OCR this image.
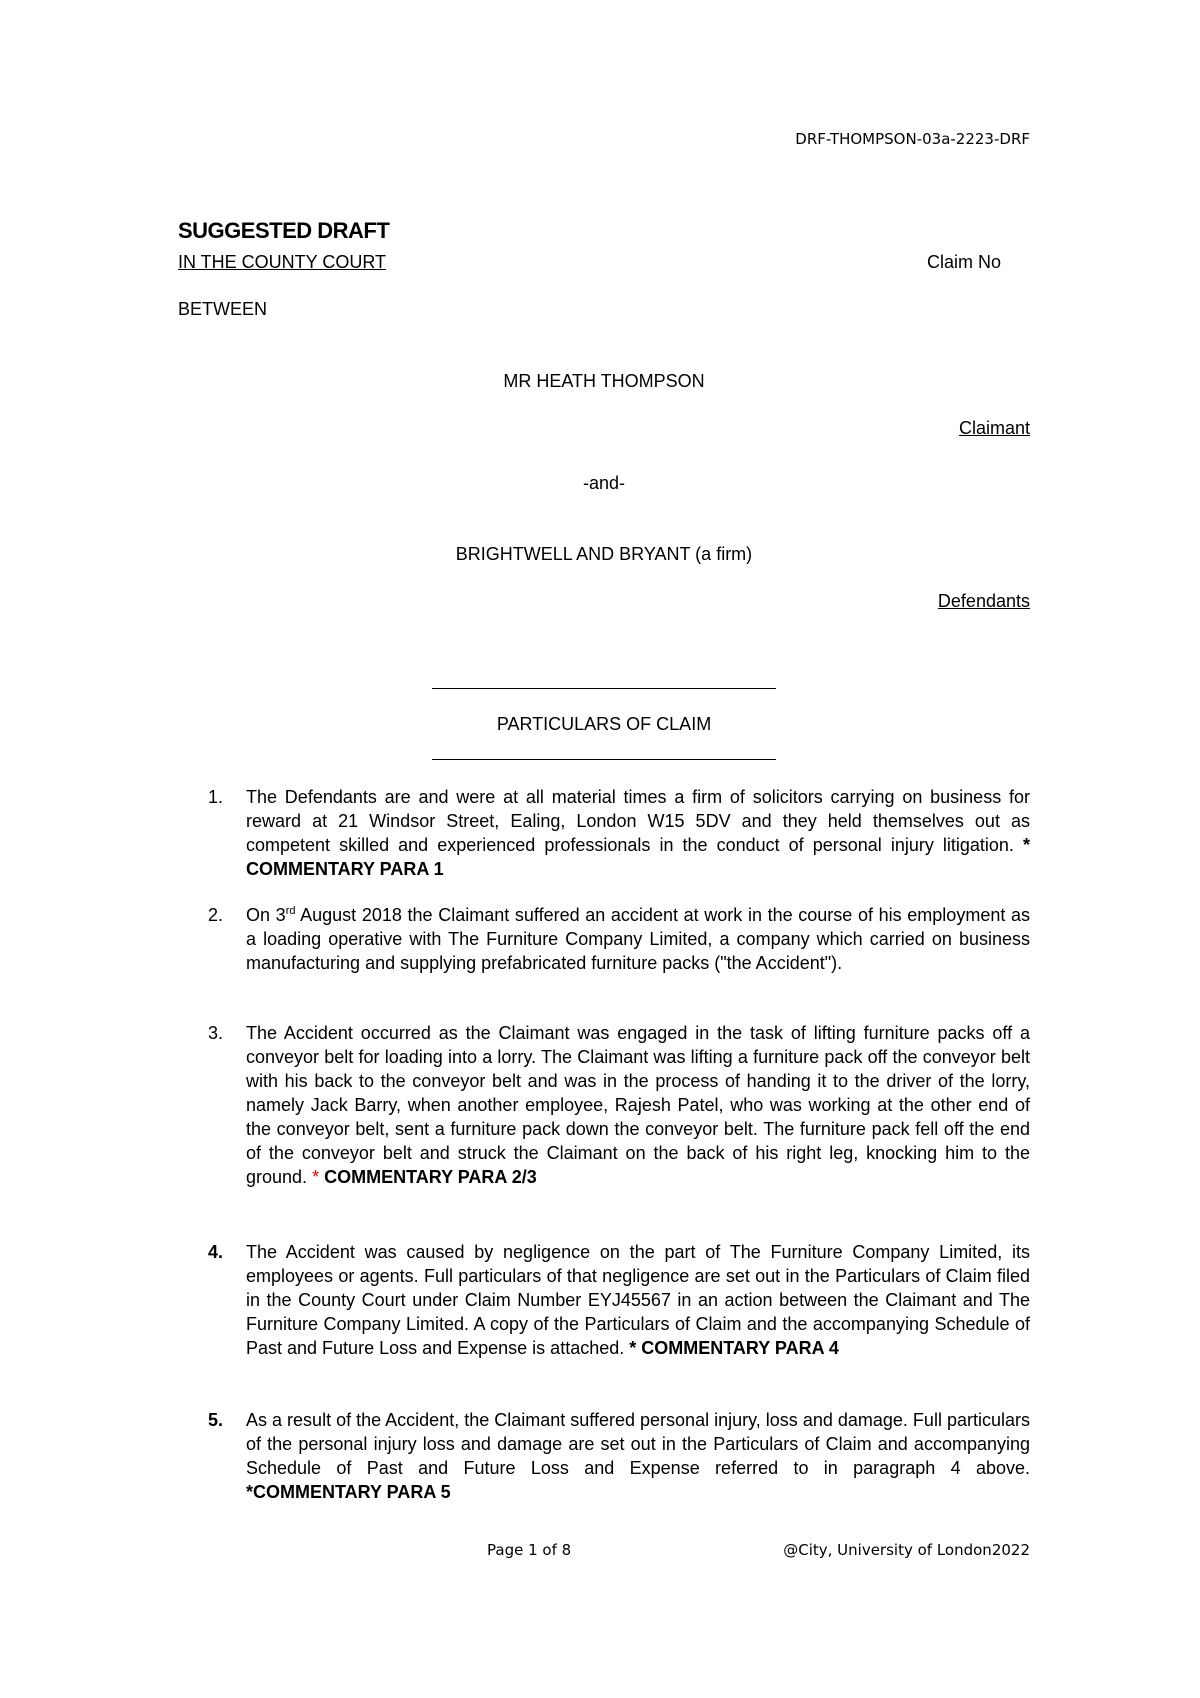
DRF-THOMPSON-03a-2223-DRF
SUGGESTED DRAFT
IN THE COUNTY COURT	Claim No
BETWEEN
MR HEATH THOMPSON
Claimant
-and-
BRIGHTWELL AND BRYANT (a firm)
Defendants
PARTICULARS OF CLAIM
1. The Defendants are and were at all material times a firm of solicitors carrying on business for reward at 21 Windsor Street, Ealing, London W15 5DV and they held themselves out as competent skilled and experienced professionals in the conduct of personal injury litigation. * COMMENTARY PARA 1
2. On 3rd August 2018 the Claimant suffered an accident at work in the course of his employment as a loading operative with The Furniture Company Limited, a company which carried on business manufacturing and supplying prefabricated furniture packs ("the Accident").
3. The Accident occurred as the Claimant was engaged in the task of lifting furniture packs off a conveyor belt for loading into a lorry. The Claimant was lifting a furniture pack off the conveyor belt with his back to the conveyor belt and was in the process of handing it to the driver of the lorry, namely Jack Barry, when another employee, Rajesh Patel, who was working at the other end of the conveyor belt, sent a furniture pack down the conveyor belt. The furniture pack fell off the end of the conveyor belt and struck the Claimant on the back of his right leg, knocking him to the ground. * COMMENTARY PARA 2/3
4. The Accident was caused by negligence on the part of The Furniture Company Limited, its employees or agents. Full particulars of that negligence are set out in the Particulars of Claim filed in the County Court under Claim Number EYJ45567 in an action between the Claimant and The Furniture Company Limited. A copy of the Particulars of Claim and the accompanying Schedule of Past and Future Loss and Expense is attached. * COMMENTARY PARA 4
5. As a result of the Accident, the Claimant suffered personal injury, loss and damage. Full particulars of the personal injury loss and damage are set out in the Particulars of Claim and accompanying Schedule of Past and Future Loss and Expense referred to in paragraph 4 above. *COMMENTARY PARA 5
Page 1 of 8	@City, University of London2022
